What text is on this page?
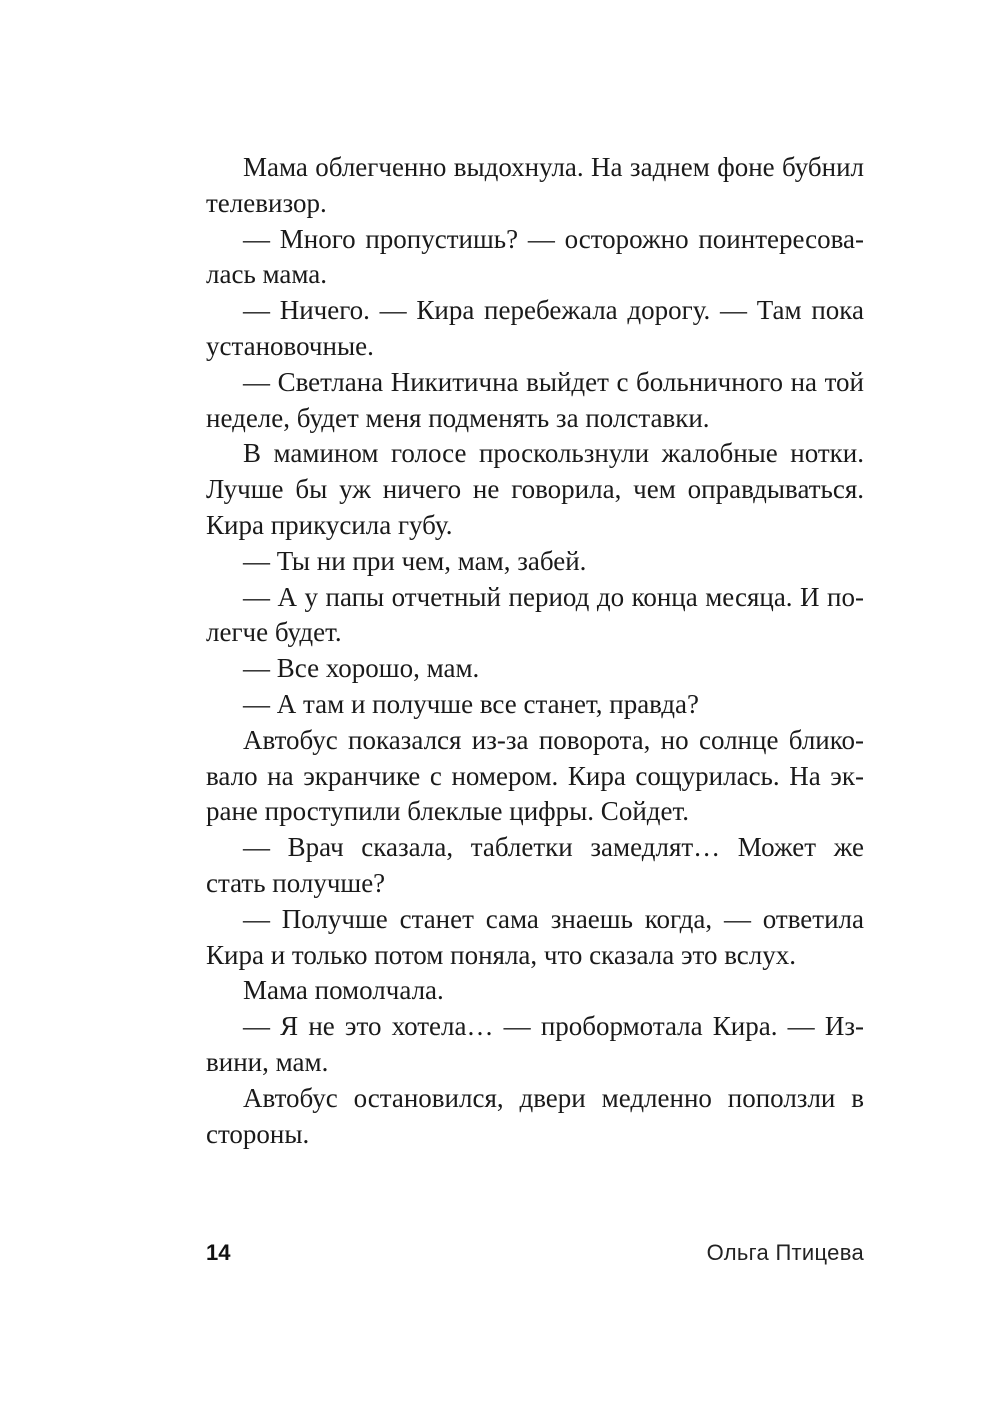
Мама облегченно выдохнула. На заднем фоне бубнил телевизор.

— Много пропустишь? — осторожно поинтересовалась мама.

— Ничего. — Кира перебежала дорогу. — Там пока установочные.

— Светлана Никитична выйдет с больничного на той неделе, будет меня подменять за полставки.

В мамином голосе проскользнули жалобные нотки. Лучше бы уж ничего не говорила, чем оправдываться. Кира прикусила губу.

— Ты ни при чем, мам, забей.

— А у папы отчетный период до конца месяца. И полегче будет.

— Все хорошо, мам.

— А там и получше все станет, правда?

Автобус показался из-за поворота, но солнце бликовало на экранчике с номером. Кира сощурилась. На экране проступили блеклые цифры. Сойдет.

— Врач сказала, таблетки замедлят… Может же стать получше?

— Получше станет сама знаешь когда, — ответила Кира и только потом поняла, что сказала это вслух.

Мама помолчала.

— Я не это хотела… — пробормотала Кира. — Извини, мам.

Автобус остановился, двери медленно поползли в стороны.

14	Ольга Птицева
